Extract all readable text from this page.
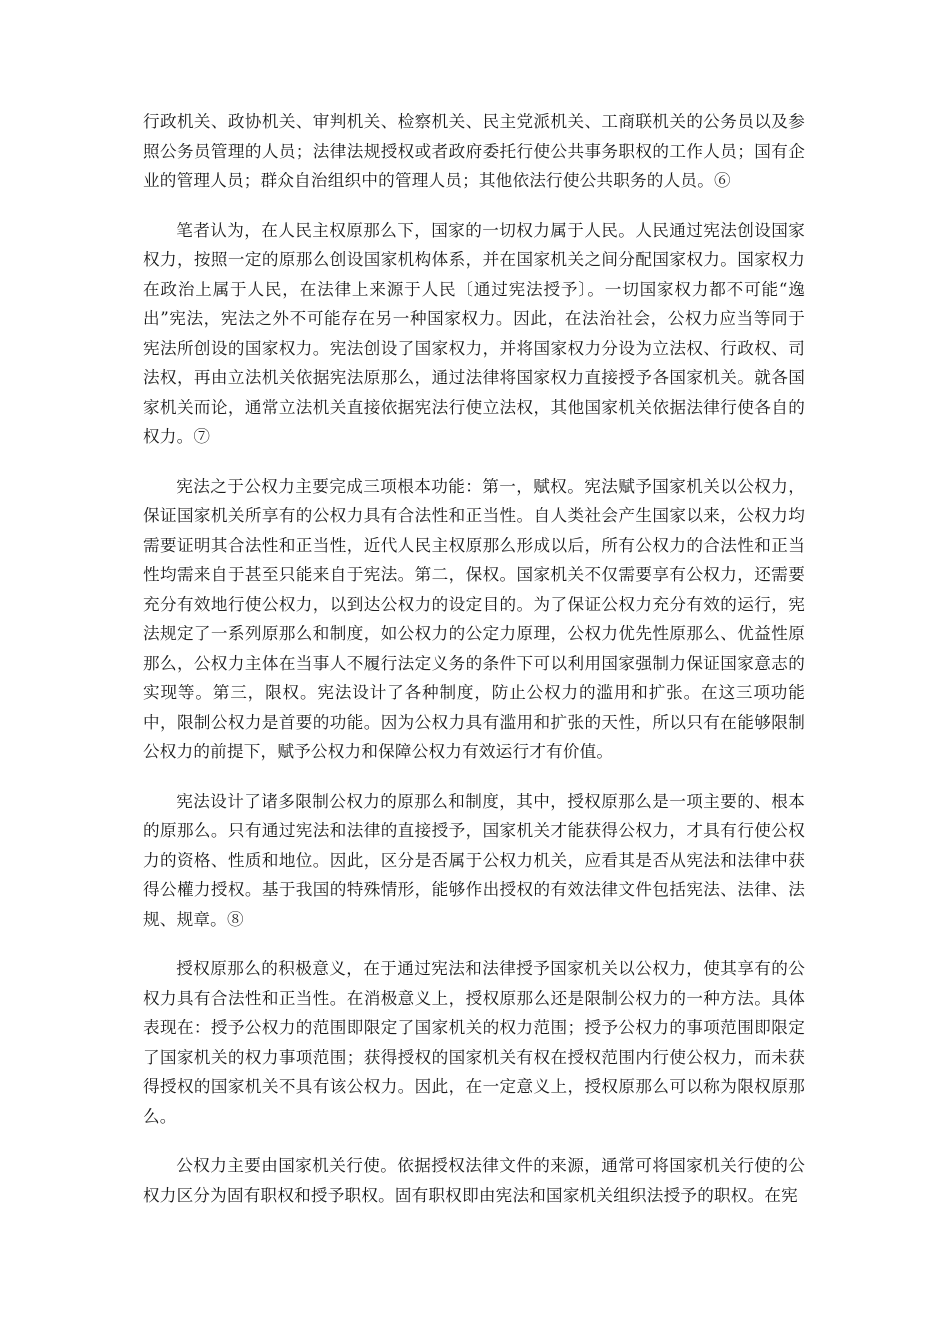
行政机关、政协机关、审判机关、检察机关、民主党派机关、工商联机关的公务员以及参照公务员管理的人员；法律法规授权或者政府委托行使公共事务职权的工作人员；国有企业的管理人员；群众自治组织中的管理人员；其他依法行使公共职务的人员。⑥

笔者认为，在人民主权原那么下，国家的一切权力属于人民。人民通过宪法创设国家权力，按照一定的原那么创设国家机构体系，并在国家机关之间分配国家权力。国家权力在政治上属于人民，在法律上来源于人民〔通过宪法授予〕。一切国家权力都不可能“逸出”宪法，宪法之外不可能存在另一种国家权力。因此，在法治社会，公权力应当等同于宪法所创设的国家权力。宪法创设了国家权力，并将国家权力分设为立法权、行政权、司法权，再由立法机关依据宪法原那么，通过法律将国家权力直接授予各国家机关。就各国家机关而论，通常立法机关直接依据宪法行使立法权，其他国家机关依据法律行使各自的权力。⑦

宪法之于公权力主要完成三项根本功能：第一，赋权。宪法赋予国家机关以公权力，保证国家机关所享有的公权力具有合法性和正当性。自人类社会产生国家以来，公权力均需要证明其合法性和正当性，近代人民主权原那么形成以后，所有公权力的合法性和正当性均需来自于甚至只能来自于宪法。第二，保权。国家机关不仅需要享有公权力，还需要充分有效地行使公权力，以到达公权力的设定目的。为了保证公权力充分有效的运行，宪法规定了一系列原那么和制度，如公权力的公定力原理，公权力优先性原那么、优益性原那么，公权力主体在当事人不履行法定义务的条件下可以利用国家强制力保证国家意志的实现等。第三，限权。宪法设计了各种制度，防止公权力的滥用和扩张。在这三项功能中，限制公权力是首要的功能。因为公权力具有滥用和扩张的天性，所以只有在能够限制公权力的前提下，赋予公权力和保障公权力有效运行才有价值。

宪法设计了诸多限制公权力的原那么和制度，其中，授权原那么是一项主要的、根本的原那么。只有通过宪法和法律的直接授予，国家机关才能获得公权力，才具有行使公权力的资格、性质和地位。因此，区分是否属于公权力机关，应看其是否从宪法和法律中获得公權力授权。基于我国的特殊情形，能够作出授权的有效法律文件包括宪法、法律、法规、规章。⑧

授权原那么的积极意义，在于通过宪法和法律授予国家机关以公权力，使其享有的公权力具有合法性和正当性。在消极意义上，授权原那么还是限制公权力的一种方法。具体表现在：授予公权力的范围即限定了国家机关的权力范围；授予公权力的事项范围即限定了国家机关的权力事项范围；获得授权的国家机关有权在授权范围内行使公权力，而未获得授权的国家机关不具有该公权力。因此，在一定意义上，授权原那么可以称为限权原那么。

公权力主要由国家机关行使。依据授权法律文件的来源，通常可将国家机关行使的公权力区分为固有职权和授予职权。固有职权即由宪法和国家机关组织法授予的职权。在宪
